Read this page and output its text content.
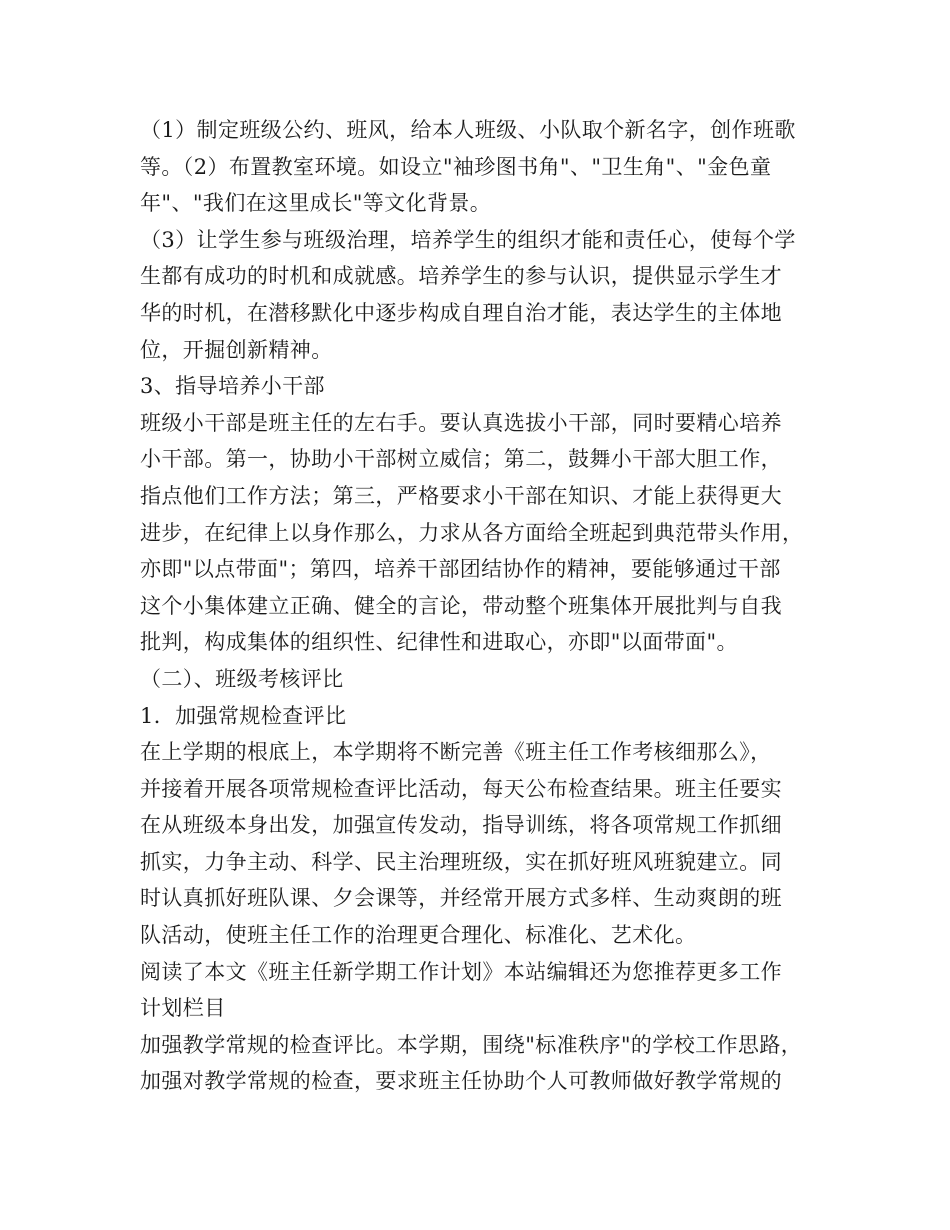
（1）制定班级公约、班风，给本人班级、小队取个新名字，创作班歌
等。（2）布置教室环境。如设立"袖珍图书角"、"卫生角"、"金色童
年"、"我们在这里成长"等文化背景。
（3）让学生参与班级治理，培养学生的组织才能和责任心，使每个学
生都有成功的时机和成就感。培养学生的参与认识，提供显示学生才
华的时机，在潜移默化中逐步构成自理自治才能，表达学生的主体地
位，开掘创新精神。
3、指导培养小干部
班级小干部是班主任的左右手。要认真选拔小干部，同时要精心培养
小干部。第一，协助小干部树立威信；第二，鼓舞小干部大胆工作，
指点他们工作方法；第三，严格要求小干部在知识、才能上获得更大
进步，在纪律上以身作那么，力求从各方面给全班起到典范带头作用，
亦即"以点带面"；第四，培养干部团结协作的精神，要能够通过干部
这个小集体建立正确、健全的言论，带动整个班集体开展批判与自我
批判，构成集体的组织性、纪律性和进取心，亦即"以面带面"。
（二）、班级考核评比
1．加强常规检查评比
在上学期的根底上，本学期将不断完善《班主任工作考核细那么》，
并接着开展各项常规检查评比活动，每天公布检查结果。班主任要实
在从班级本身出发，加强宣传发动，指导训练，将各项常规工作抓细
抓实，力争主动、科学、民主治理班级，实在抓好班风班貌建立。同
时认真抓好班队课、夕会课等，并经常开展方式多样、生动爽朗的班
队活动，使班主任工作的治理更合理化、标准化、艺术化。
阅读了本文《班主任新学期工作计划》本站编辑还为您推荐更多工作
计划栏目
加强教学常规的检查评比。本学期，围绕"标准秩序"的学校工作思路，
加强对教学常规的检查，要求班主任协助个人可教师做好教学常规的
